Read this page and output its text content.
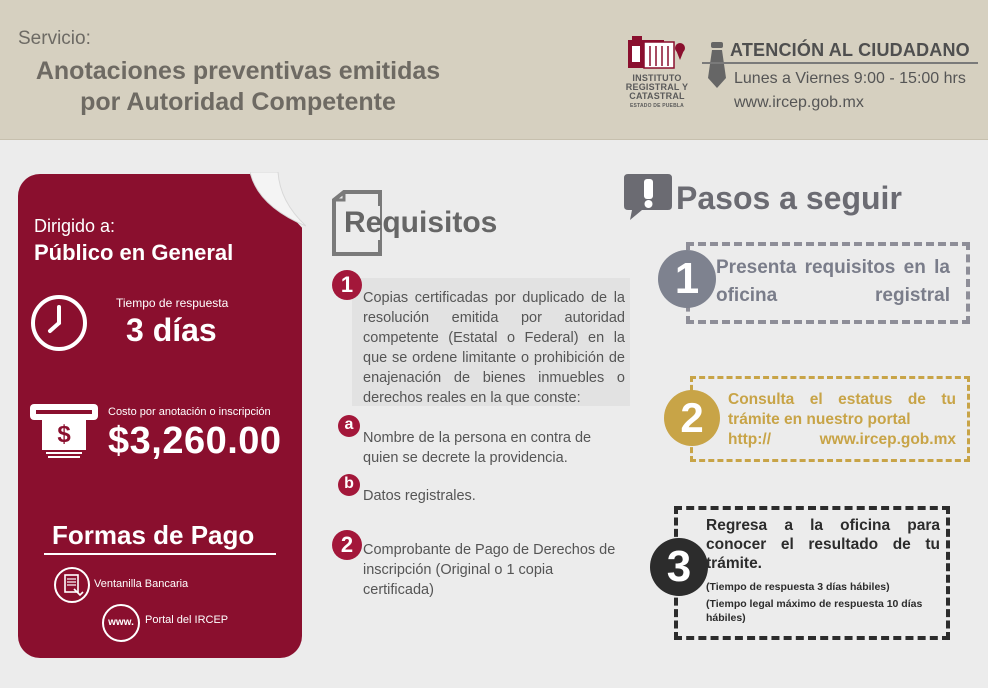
Servicio:
Anotaciones preventivas emitidas por Autoridad Competente
INSTITUTO
REGISTRAL Y
CATASTRAL
ESTADO DE PUEBLA
ATENCIÓN AL CIUDADANO
Lunes a Viernes 9:00 - 15:00 hrs
www.ircep.gob.mx
Dirigido a:
Público en General
Tiempo de respuesta
3 días
$
Costo por anotación o inscripción
$3,260.00
Formas de Pago
Ventanilla Bancaria
www.	Portal del IRCEP
Requisitos
1
Copias certificadas por duplicado de la resolución emitida por autoridad competente (Estatal o Federal) en la que se ordene limitante o prohibición de enajenación de bienes inmuebles o derechos reales en la que conste:
a
Nombre de la persona en contra de quien se decrete la providencia.
b
Datos registrales.
2 Comprobante de Pago de Derechos de inscripción (Original o 1 copia certificada)
Pasos a seguir
1 Presenta requisitos en la oficina registral
2	Consulta el estatus de tu trámite en nuestro portal
http:// www.ircep.gob.mx
3
Regresa a la oficina para conocer el resultado de tu trámite.
(Tiempo de respuesta 3 días hábiles)
(Tiempo legal máximo de respuesta 10 días hábiles)
